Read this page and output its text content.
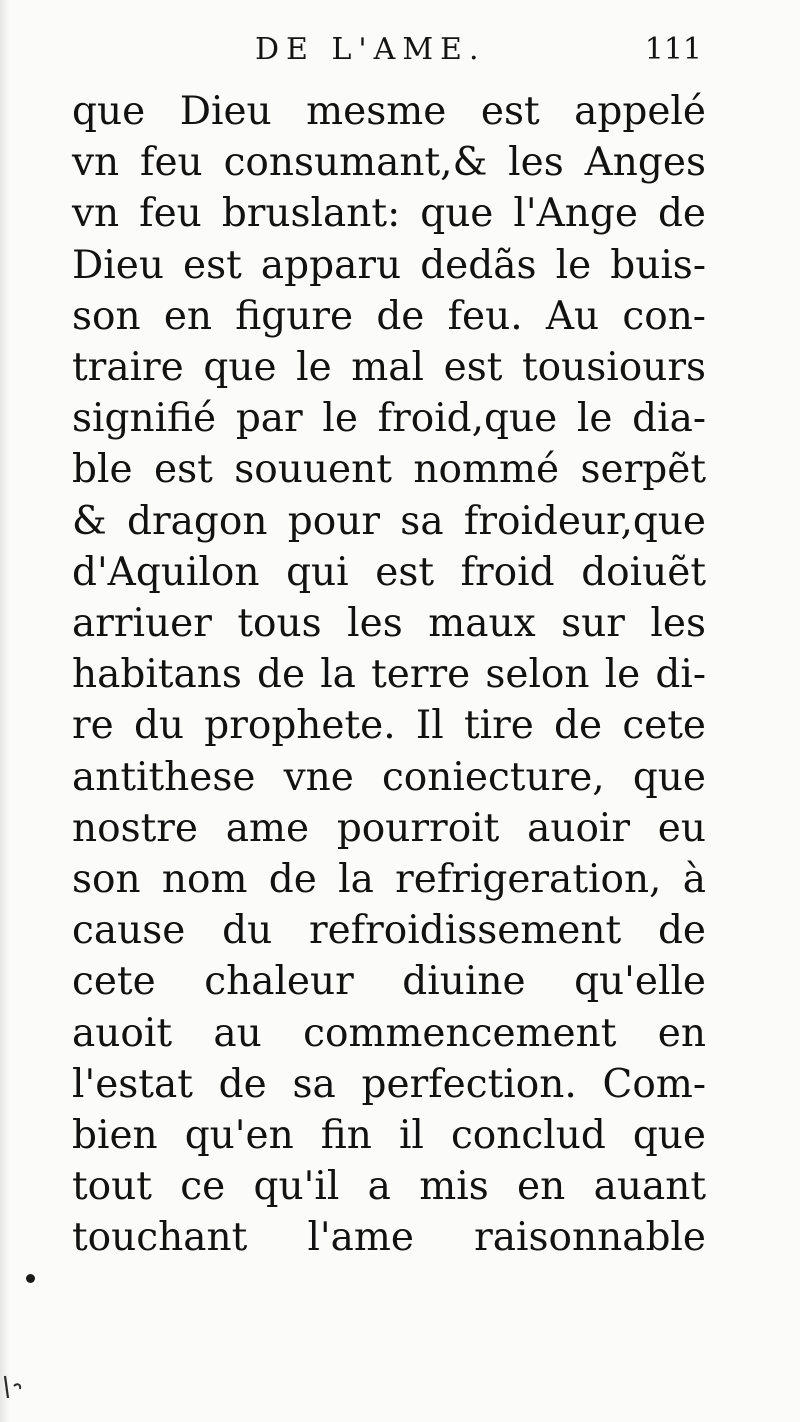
DE L'AME.	111
que Dieu mesme est appelé
vn feu consumant,& les Anges
vn feu bruslant: que l'Ange de
Dieu est apparu dedãs le buis-
son en figure de feu. Au con-
traire que le mal est tousiours
signifié par le froid,que le dia-
ble est souuent nommé serpẽt
& dragon pour sa froideur,que
d'Aquilon qui est froid doiuẽt
arriuer tous les maux sur les
habitans de la terre selon le di-
re du prophete. Il tire de cete
antithese vne coniecture, que
nostre ame pourroit auoir eu
son nom de la refrigeration, à
cause du refroidissement de
cete chaleur diuine qu'elle
auoit au commencement en
l'estat de sa perfection. Com-
bien qu'en fin il conclud que
tout ce qu'il a mis en auant
touchant l'ame raisonnable
